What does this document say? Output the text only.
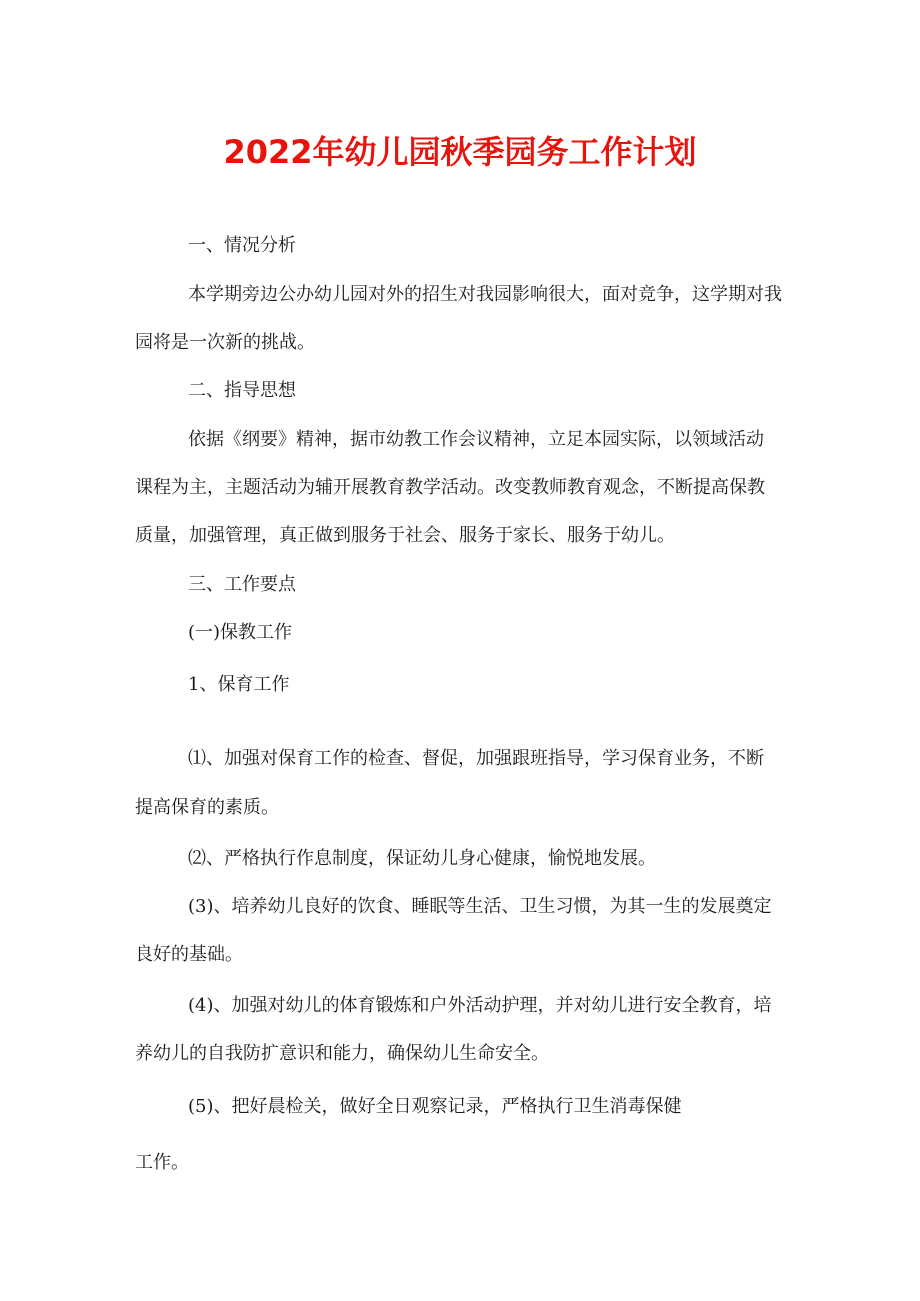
2022年幼儿园秋季园务工作计划

一、情况分析

本学期旁边公办幼儿园对外的招生对我园影响很大，面对竞争，这学期对我

园将是一次新的挑战。

二、指导思想

依据《纲要》精神，据市幼教工作会议精神，立足本园实际，以领域活动

课程为主，主题活动为辅开展教育教学活动。改变教师教育观念，不断提高保教

质量，加强管理，真正做到服务于社会、服务于家长、服务于幼儿。

三、工作要点

(一)保教工作

1、保育工作

⑴、加强对保育工作的检查、督促，加强跟班指导，学习保育业务，不断

提高保育的素质。

⑵、严格执行作息制度，保证幼儿身心健康，愉悦地发展。

(3)、培养幼儿良好的饮食、睡眠等生活、卫生习惯，为其一生的发展奠定

良好的基础。

(4)、加强对幼儿的体育锻炼和户外活动护理，并对幼儿进行安全教育，培

养幼儿的自我防扩意识和能力，确保幼儿生命安全。

(5)、把好晨检关，做好全日观察记录，严格执行卫生消毒保健

工作。
